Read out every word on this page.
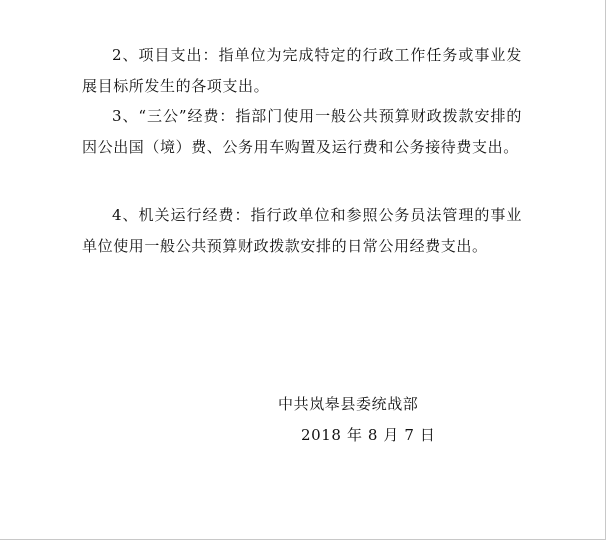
2、项目支出：指单位为完成特定的行政工作任务或事业发展目标所发生的各项支出。

3、“三公”经费：指部门使用一般公共预算财政拨款安排的因公出国（境）费、公务用车购置及运行费和公务接待费支出。

4、机关运行经费：指行政单位和参照公务员法管理的事业单位使用一般公共预算财政拨款安排的日常公用经费支出。

中共岚皋县委统战部

2018 年 8 月 7 日
